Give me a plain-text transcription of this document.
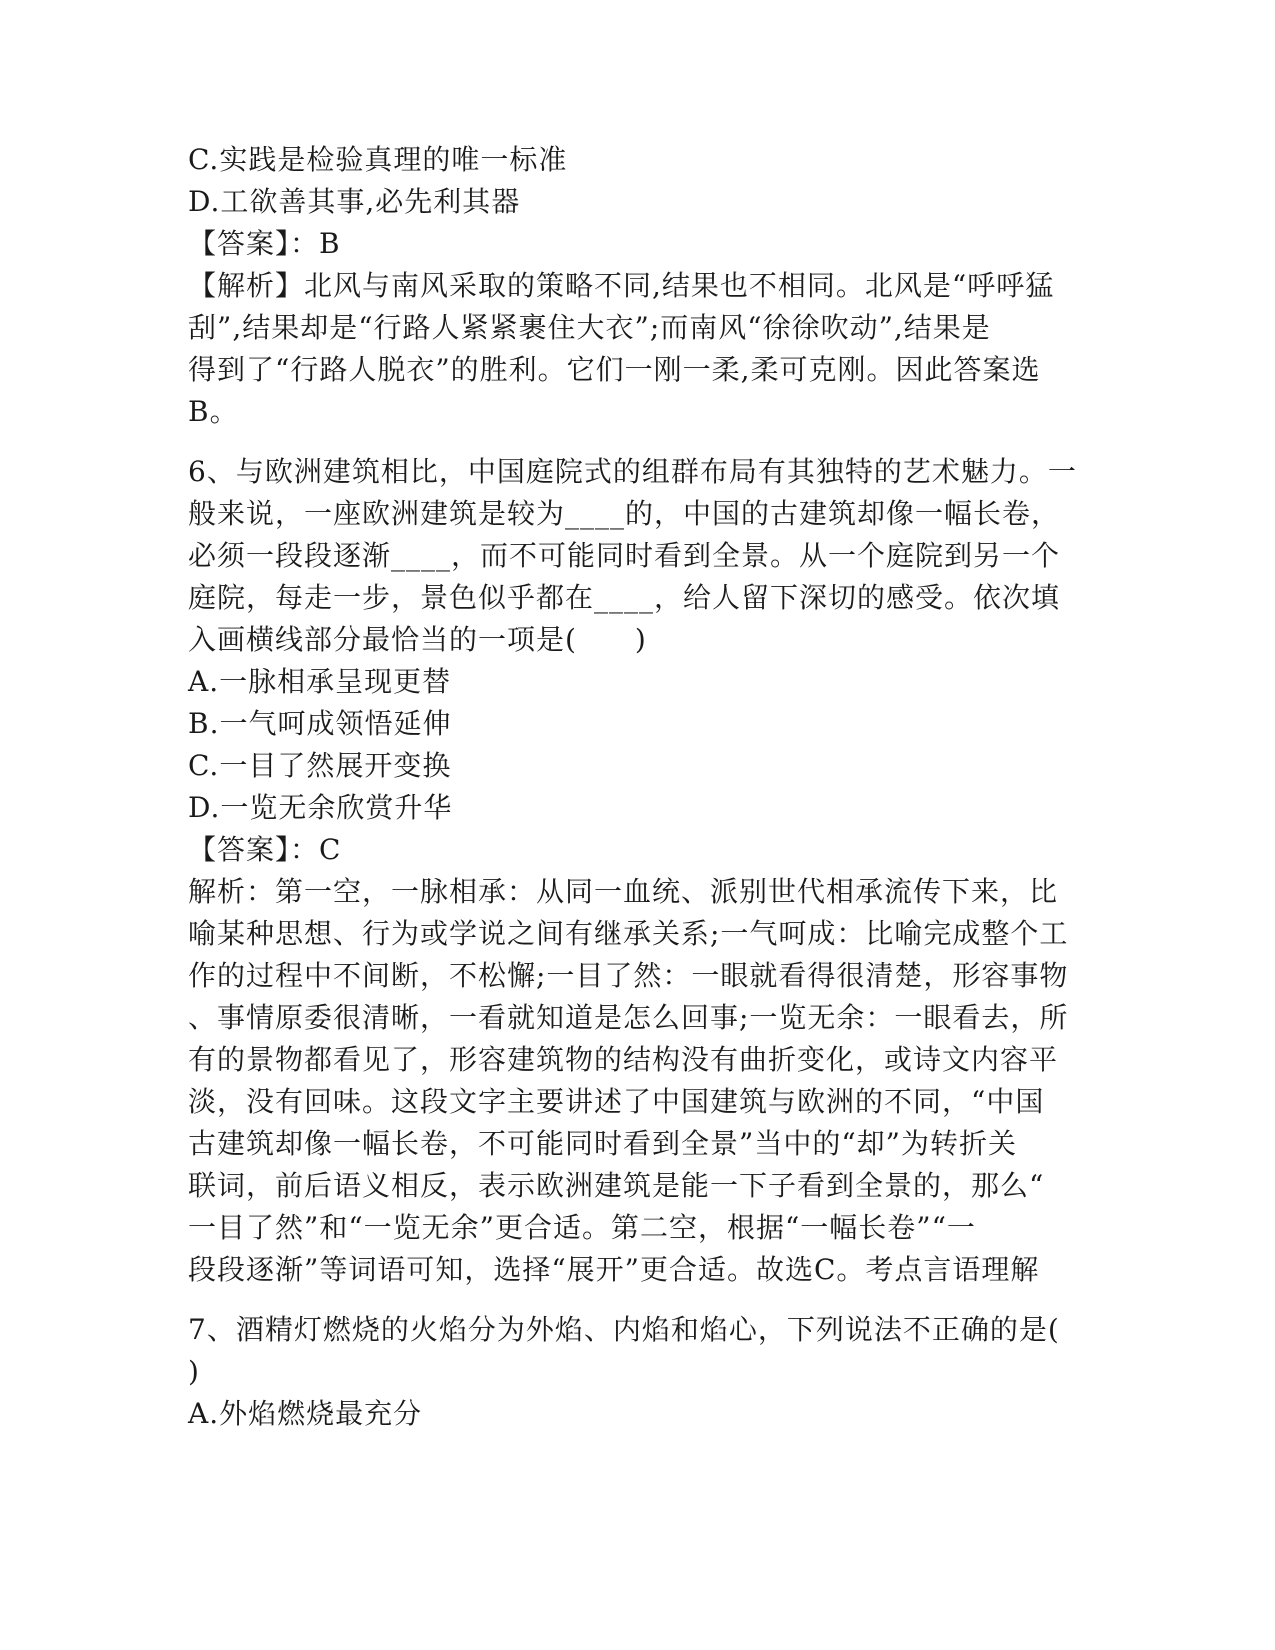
C.实践是检验真理的唯一标准
D.工欲善其事,必先利其器
【答案】：B
【解析】北风与南风采取的策略不同,结果也不相同。北风是“呼呼猛
刮”,结果却是“行路人紧紧裹住大衣”;而南风“徐徐吹动”,结果是
得到了“行路人脱衣”的胜利。它们一刚一柔,柔可克刚。因此答案选
B。
6、与欧洲建筑相比，中国庭院式的组群布局有其独特的艺术魅力。一
般来说，一座欧洲建筑是较为____的，中国的古建筑却像一幅长卷，
必须一段段逐渐____，而不可能同时看到全景。从一个庭院到另一个
庭院，每走一步，景色似乎都在____，给人留下深切的感受。依次填
入画横线部分最恰当的一项是(　　)
A.一脉相承呈现更替
B.一气呵成领悟延伸
C.一目了然展开变换
D.一览无余欣赏升华
【答案】：C
解析：第一空，一脉相承：从同一血统、派别世代相承流传下来，比
喻某种思想、行为或学说之间有继承关系;一气呵成：比喻完成整个工
作的过程中不间断，不松懈;一目了然：一眼就看得很清楚，形容事物
、事情原委很清晰，一看就知道是怎么回事;一览无余：一眼看去，所
有的景物都看见了，形容建筑物的结构没有曲折变化，或诗文内容平
淡，没有回味。这段文字主要讲述了中国建筑与欧洲的不同，“中国
古建筑却像一幅长卷，不可能同时看到全景”当中的“却”为转折关
联词，前后语义相反，表示欧洲建筑是能一下子看到全景的，那么“
一目了然”和“一览无余”更合适。第二空，根据“一幅长卷”“一
段段逐渐”等词语可知，选择“展开”更合适。故选C。考点言语理解
7、酒精灯燃烧的火焰分为外焰、内焰和焰心，下列说法不正确的是(
)
A.外焰燃烧最充分
